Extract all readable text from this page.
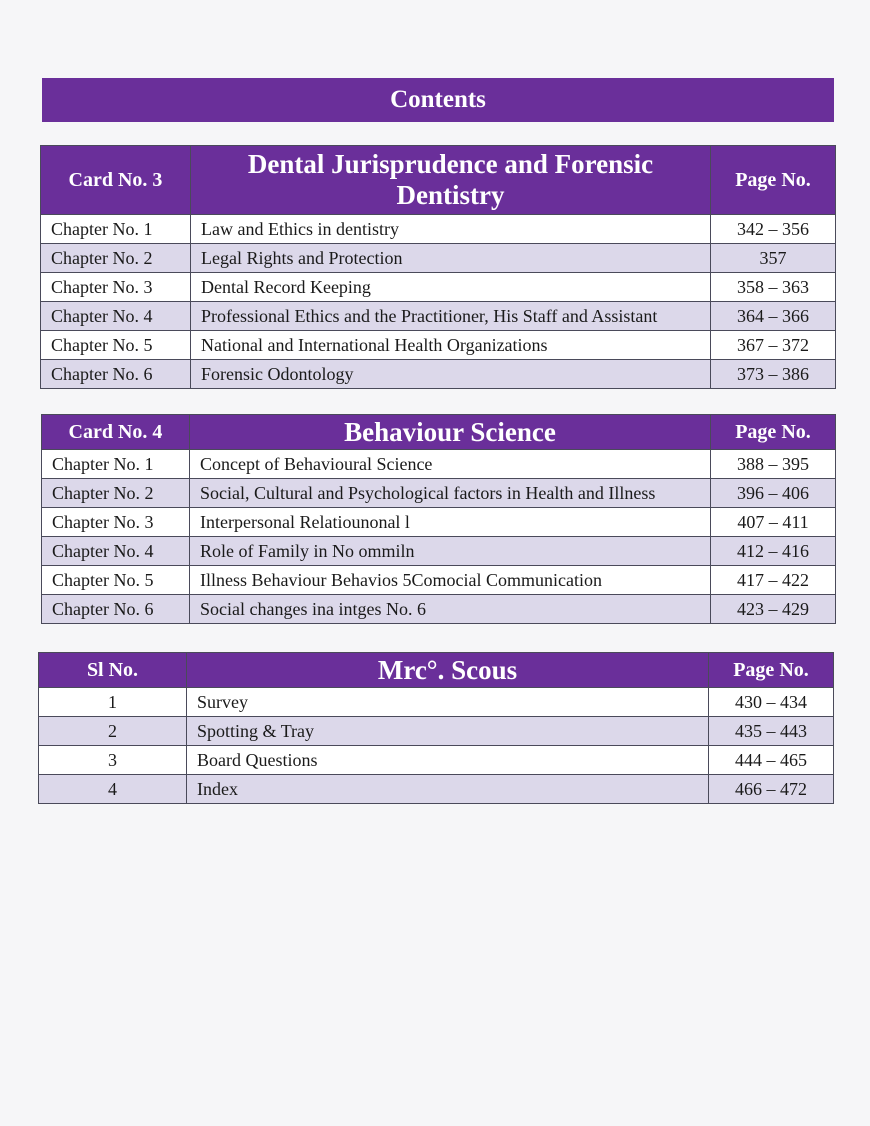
Contents
Card No. 3	Dental Jurisprudence and Forensic Dentistry	Page No.
Chapter No. 1	Law and Ethics in dentistry	342 – 356
Chapter No. 2	Legal Rights and Protection	357
Chapter No. 3	Dental Record Keeping	358 – 363
Chapter No. 4	Professional Ethics and the Practitioner, His Staff and Assistant	364 – 366
Chapter No. 5	National and International Health Organizations	367 – 372
Chapter No. 6	Forensic Odontology	373 – 386
Card No. 4	Behaviour Science	Page No.
Chapter No. 1	Concept of Behavioural Science	388 – 395
Chapter No. 2	Social, Cultural and Psychological factors in Health and Illness	396 – 406
Chapter No. 3	Interpersonal Relatiounonal l	407 – 411
Chapter No. 4	Role of Family in No ommiln	412 – 416
Chapter No. 5	Illness Behaviour Behavios 5Comocial Communication	417 – 422
Chapter No. 6	Social changes ina intges No. 6	423 – 429
Sl No.	Mrc°. Scous	Page No.
1	Survey	430 – 434
2	Spotting & Tray	435 – 443
3	Board Questions	444 – 465
4	Index	466 – 472
